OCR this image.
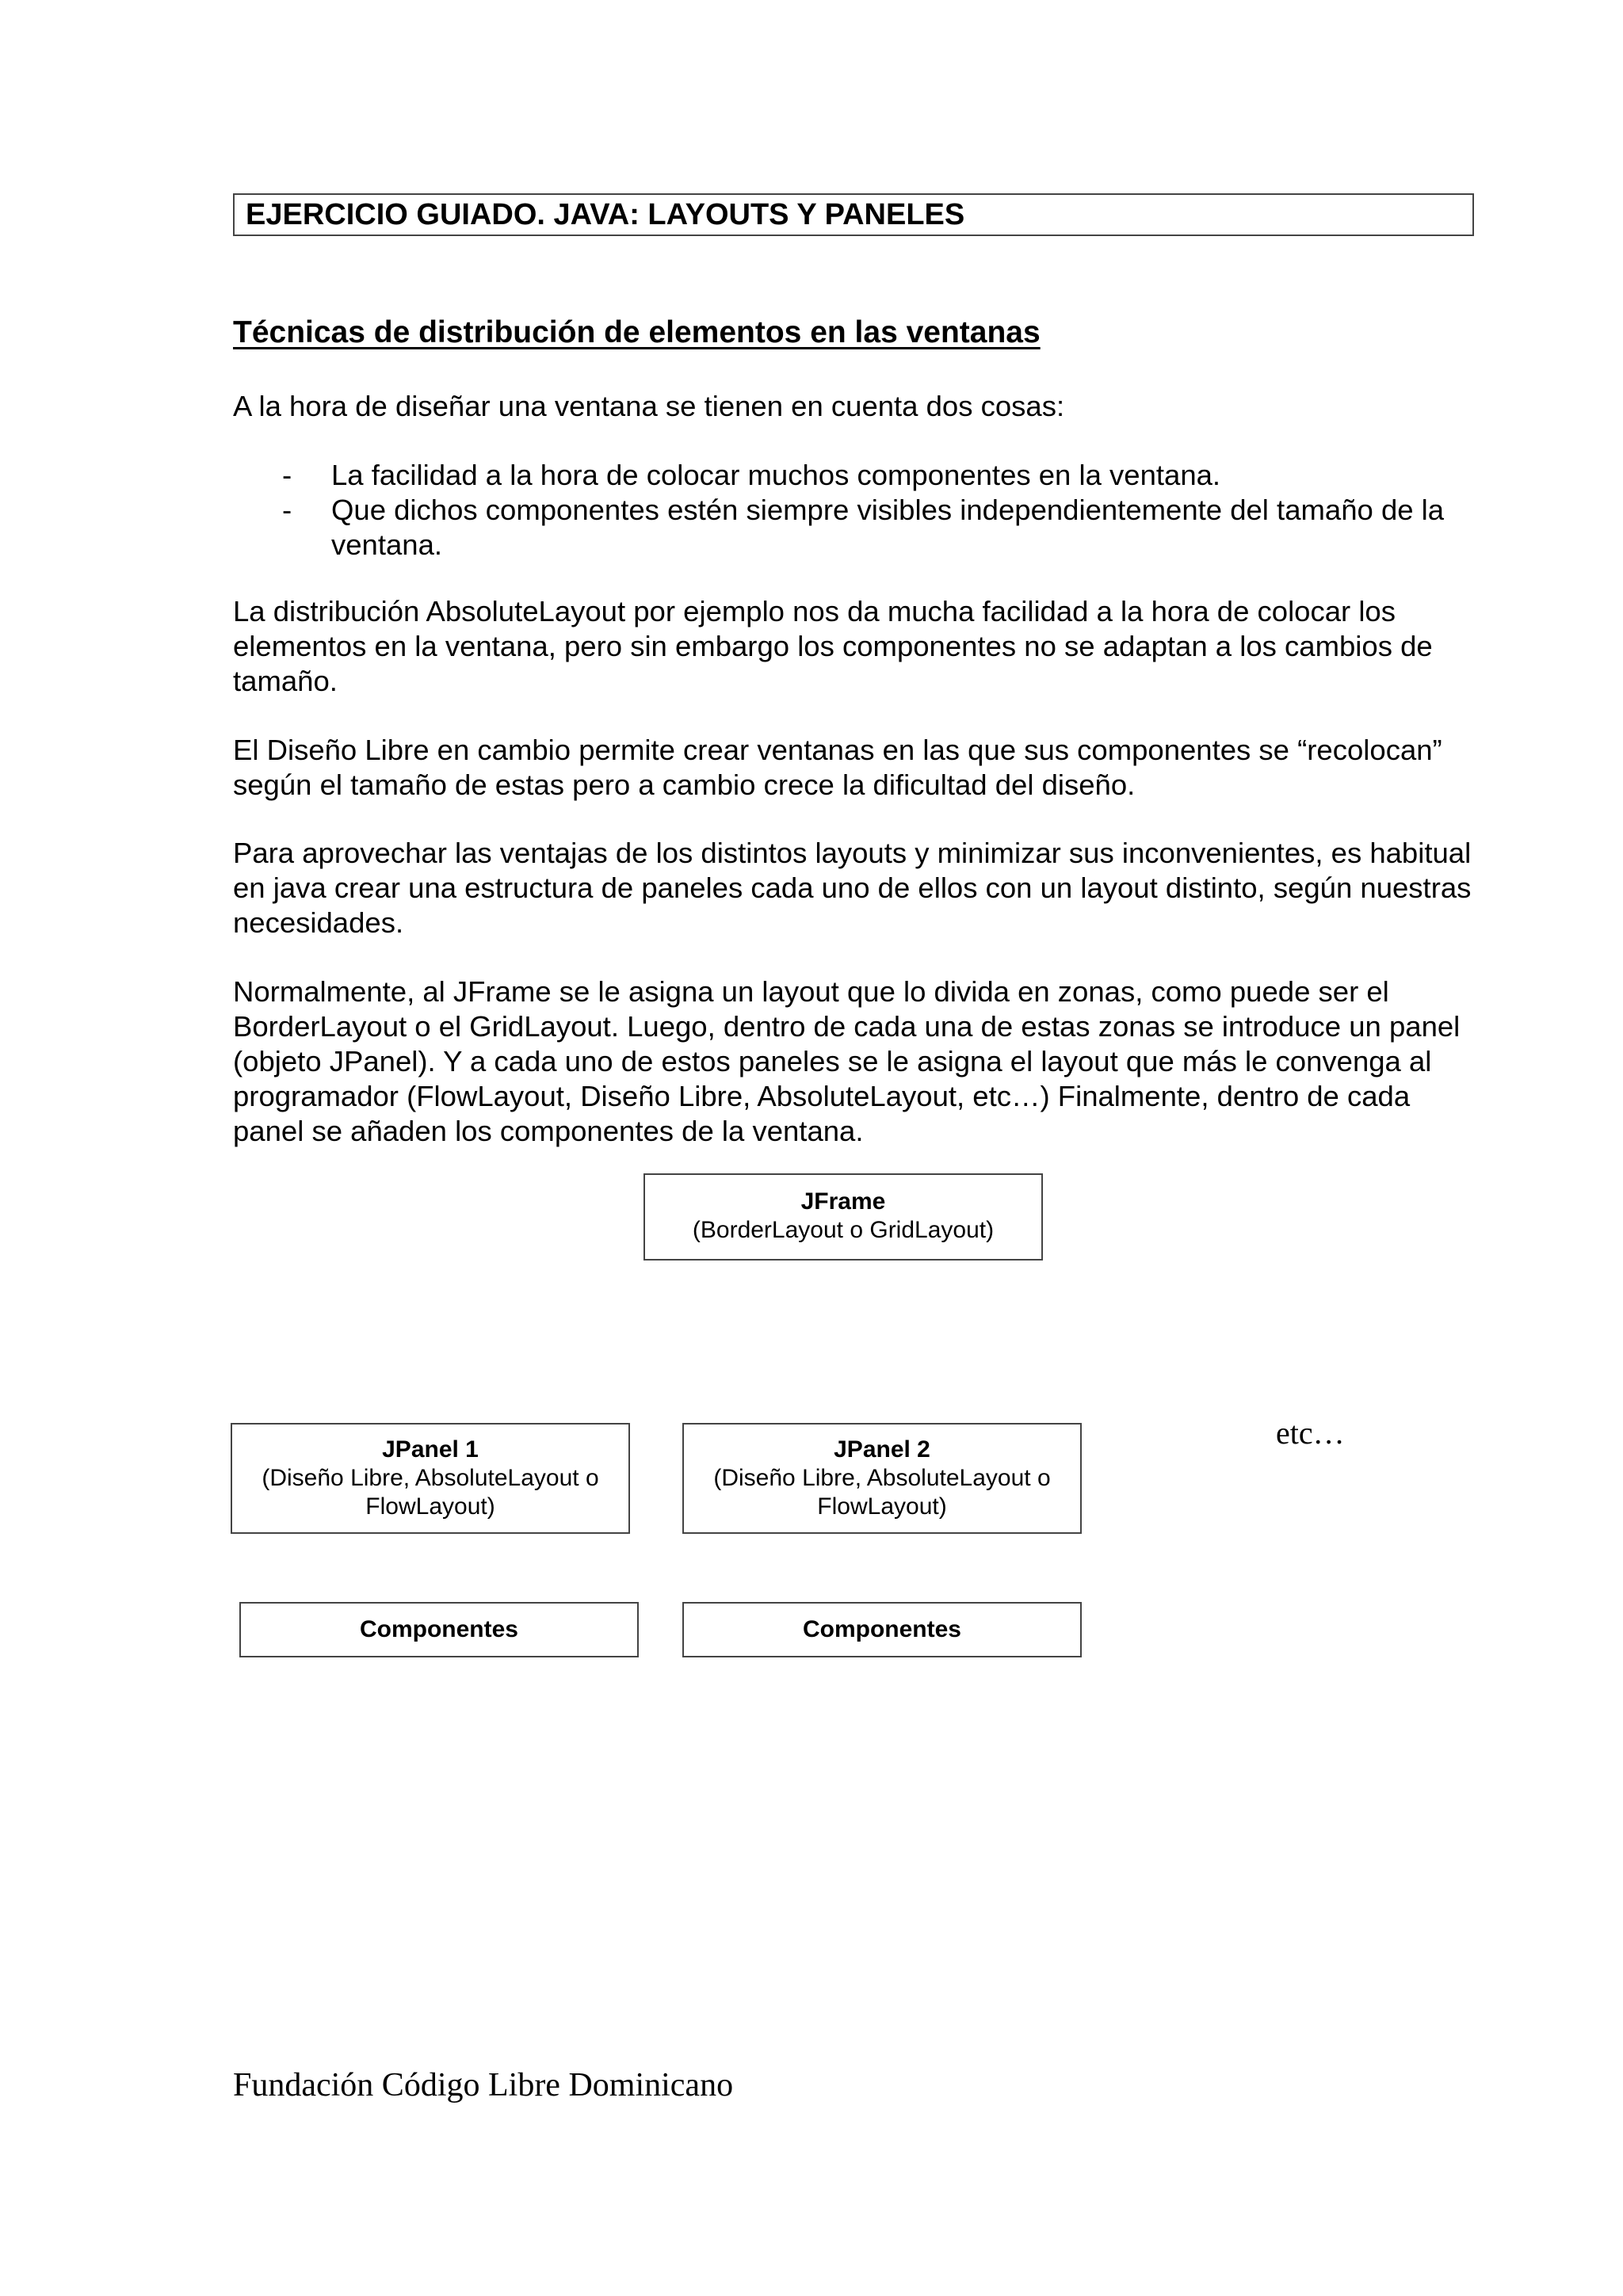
EJERCICIO GUIADO. JAVA: LAYOUTS Y PANELES
Técnicas de distribución de elementos en las ventanas

A la hora de diseñar una ventana se tienen en cuenta dos cosas:

- La facilidad a la hora de colocar muchos componentes en la ventana.
- Que dichos componentes estén siempre visibles independientemente del tamaño de la ventana.

La distribución AbsoluteLayout por ejemplo nos da mucha facilidad a la hora de colocar los elementos en la ventana, pero sin embargo los componentes no se adaptan a los cambios de tamaño.

El Diseño Libre en cambio permite crear ventanas en las que sus componentes se “recolocan” según el tamaño de estas pero a cambio crece la dificultad del diseño.

Para aprovechar las ventajas de los distintos layouts y minimizar sus inconvenientes, es habitual en java crear una estructura de paneles cada uno de ellos con un layout distinto, según nuestras necesidades.

Normalmente, al JFrame se le asigna un layout que lo divida en zonas, como puede ser el BorderLayout o el GridLayout. Luego, dentro de cada una de estas zonas se introduce un panel (objeto JPanel). Y a cada uno de estos paneles se le asigna el layout que más le convenga al programador (FlowLayout, Diseño Libre, AbsoluteLayout, etc…) Finalmente, dentro de cada panel se añaden los componentes de la ventana.

JFrame
(BorderLayout o GridLayout)
JPanel 1
(Diseño Libre, AbsoluteLayout o FlowLayout)
JPanel 2
(Diseño Libre, AbsoluteLayout o FlowLayout)
etc…
Componentes	Componentes
Fundación Código Libre Dominicano
